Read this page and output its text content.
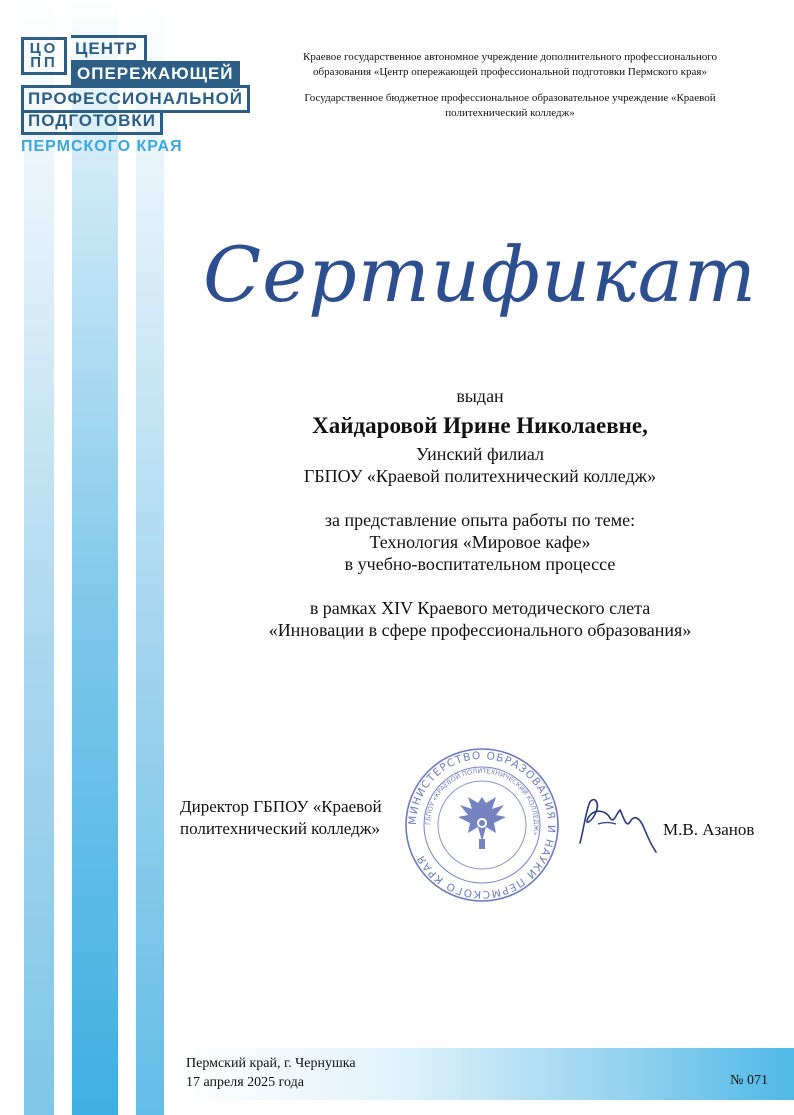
ЦО ПП
ЦЕНТР
ОПЕРЕЖАЮЩЕЙ
ПРОФЕССИОНАЛЬНОЙ
ПОДГОТОВКИ
ПЕРМСКОГО КРАЯ

Краевое государственное автономное учреждение дополнительного профессионального образования «Центр опережающей профессиональной подготовки Пермского края»

Государственное бюджетное профессиональное образовательное учреждение «Краевой политехнический колледж»

Сертификат

выдан

Хайдаровой Ирине Николаевне,

Уинский филиал

ГБПОУ «Краевой политехнический колледж»

за представление опыта работы по теме:

Технология «Мировое кафе»

в учебно-воспитательном процессе

в рамках XIV Краевого методического слета

«Инновации в сфере профессионального образования»

Директор ГБПОУ «Краевой
политехнический колледж»	МИНИСТЕРСТВО ОБРАЗОВАНИЯ И НАУКИ ПЕРМСКОГО КРАЯ
ГБПОУ «КРАЕВОЙ ПОЛИТЕХНИЧЕСКИЙ КОЛЛЕДЖ»	М.В. Азанов
Пермский край, г. Чернушка
17 апреля 2025 года	№ 071
